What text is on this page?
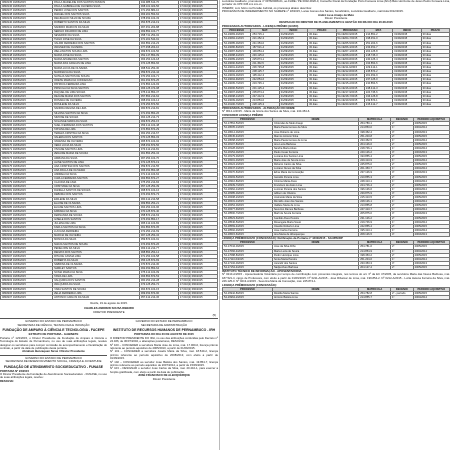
0848135 19/06/2015	PAULA MADELINE DOS SANTOS PASSOS	042.985.614-70	17.010(2) 060/2015
0848136 19/06/2015	PAULA GABRIELA DE OLIVEIRA SILVA	068.101.024-56	17.010(2) 060/2015
0848137 19/06/2015	PEDRO JOSE DOS SANTOS	071.254.884-10	17.010(2) 060/2015
0848138 19/06/2015	RAFAEL DOS SANTOS SILVA	063.201.554-62	17.010(2) 060/2015
0848139 19/06/2015	REGINALDO SILVA DE SOUZA	078.452.104-33	17.010(2) 060/2015
0848140 19/06/2015	ROBERTO SANTOS DA SILVA	054.875.214-19	17.010(2) 060/2015
0848141 19/06/2015	SANDRO MARCOS DA SILVA	067.451.204-88	17.010(2) 060/2015
0848142 19/06/2015	SERGIO RICARDO DE LIMA	069.852.104-77	17.010(2) 060/2015
0848143 19/06/2015	SEVERINO DA SILVA	058.741.254-02	17.010(2) 060/2015
0848144 19/06/2015	TIAGO JOSE DA SILVA	071.201.544-91	17.010(2) 060/2015
0848145 19/06/2015	VALDIR FERREIRA DOS SANTOS	064.852.214-23	17.010(2) 060/2015
0848146 19/06/2015	WAGNER DE OLIVEIRA	077.458.204-10	17.010(2) 060/2015
0848147 19/06/2015	WELLINGTON SOUZA LIMA	069.874.104-56	17.010(2) 060/2015
0848148 19/06/2015	MARIA JOSE DA SILVA	052.147.854-09	17.010(2) 060/2015
0848149 19/06/2015	MARIA APARECIDA SANTOS	063.254.124-18	17.010(2) 060/2015
0848150 19/06/2015	MARIA DAS GRACAS DE LIMA	074.125.854-66	17.010(2) 060/2015
0848151 19/06/2015	MARIA LUCIA DE OLIVEIRA	068.541.254-30	17.010(2) 060/2015
0848152 19/06/2015	MARINALVA DA SILVA	059.874.214-44	17.010(2) 060/2015
0848153 19/06/2015	NATALIA SANTOS DE SOUZA	070.254.104-71	17.010(2) 060/2015
0848154 19/06/2015	ODETE MARIA DA CONCEICAO	061.452.874-25	17.010(2) 060/2015
0848155 19/06/2015	PATRICIA FERREIRA LIMA	072.854.124-93	17.010(2) 060/2015
0848156 19/06/2015	PRISCILA DA SILVA SANTOS	066.125.474-08	17.010(2) 060/2015
0848157 19/06/2015	RAQUEL DE LIMA SOUZA	075.412.854-37	17.010(2) 060/2015
0848158 19/06/2015	REJANE MARIA DOS SANTOS	057.854.214-62	17.010(2) 060/2015
0848159 19/06/2015	ROSANA DE OLIVEIRA	068.452.104-14	17.010(2) 060/2015
0848160 19/06/2015	ROSILENE DA SILVA	073.254.874-50	17.010(2) 060/2015
0848161 19/06/2015	SANDRA REGINA DE LIMA	060.874.214-81	17.010(2) 060/2015
0848162 19/06/2015	SILVANA SANTOS DA SILVA	071.452.854-26	17.010(2) 060/2015
0848163 19/06/2015	SIMONE DE SOUZA	064.125.214-73	17.010(2) 060/2015
0848164 19/06/2015	SOLANGE MARIA DA SILVA	069.874.254-15	17.010(2) 060/2015
0848165 19/06/2015	SUELI FERREIRA DOS SANTOS	056.412.104-48	17.010(2) 060/2015
0848166 19/06/2015	TATIANA DE LIMA	074.854.874-29	17.010(2) 060/2015
0848167 19/06/2015	TEREZA CRISTINA DA SILVA	062.254.214-67	17.010(2) 060/2015
0848168 19/06/2015	VALERIA DOS SANTOS	070.125.854-03	17.010(2) 060/2015
0848169 19/06/2015	VANESSA DE OLIVEIRA	065.874.104-92	17.010(2) 060/2015
0848170 19/06/2015	VERA LUCIA DA SILVA	058.452.874-56	17.010(2) 060/2015
0848171 19/06/2015	VIVIANE SANTOS LIMA	073.412.214-81	17.010(2) 060/2015
0848172 19/06/2015	ZENAIDE MARIA DE SOUZA	061.854.254-34	17.010(2) 060/2015
0848173 19/06/2015	ADRIANA DA SILVA	067.254.104-70	17.010(2) 060/2015
0848174 19/06/2015	ALINE SANTOS DE LIMA	072.125.874-19	17.010(2) 060/2015
0848175 19/06/2015	ANA CRISTINA DOS SANTOS	059.874.214-55	17.010(2) 060/2015
0848176 19/06/2015	ANA PAULA DE OLIVEIRA	066.452.854-08	17.010(2) 060/2015
0848177 19/06/2015	ANDREA DA SILVA	071.412.104-62	17.010(2) 060/2015
0848178 19/06/2015	CARLA FERREIRA SANTOS	063.854.874-27	17.010(2) 060/2015
0848179 19/06/2015	CLAUDIA DE LIMA	075.254.214-84	17.010(2) 060/2015
0848180 19/06/2015	CRISTIANE DA SILVA	057.125.254-39	17.010(2) 060/2015
0848181 19/06/2015	DANIELA SANTOS DE SOUZA	068.874.104-16	17.010(2) 060/2015
0848182 19/06/2015	DEBORA DOS SANTOS	074.452.874-73	17.010(2) 060/2015
0848183 19/06/2015	EDILENE DA SILVA	060.412.214-58	17.010(2) 060/2015
0848184 19/06/2015	ELAINE DE OLIVEIRA	069.854.254-21	17.010(2) 060/2015
0848185 19/06/2015	ELIANE SANTOS LIMA	064.254.104-96	17.010(2) 060/2015
0848186 19/06/2015	FABIANA DA SILVA	070.125.874-40	17.010(2) 060/2015
0848187 19/06/2015	FERNANDA DE SOUZA	058.874.214-63	17.010(2) 060/2015
0848188 19/06/2015	GISELE DOS SANTOS	073.452.854-17	17.010(2) 060/2015
0848189 19/06/2015	JULIANA DE LIMA	065.412.104-82	17.010(2) 060/2015
0848190 19/06/2015	KARLA SANTOS DA SILVA	061.854.874-05	17.010(2) 060/2015
0848191 19/06/2015	LUCIANA FERREIRA	072.254.214-69	17.010(2) 060/2015
0848192 19/06/2015	MARCIA DE OLIVEIRA	067.125.254-34	17.010(2) 060/2015
0848193 19/06/2015	MONICA DA SILVA	059.874.104-91	17.010(2) 060/2015
0848194 19/06/2015	NADJA SANTOS DE SOUZA	074.452.874-26	17.010(2) 060/2015
0848195 19/06/2015	PENELOPE DA SILVA	063.412.214-77	17.010(2) 060/2015
0848196 19/06/2015	RENATA DOS SANTOS	068.854.254-12	17.010(2) 060/2015
0848197 19/06/2015	RITA DE CASSIA LIMA	071.254.104-58	17.010(2) 060/2015
0848198 19/06/2015	ROBERTA DA SILVA	056.125.874-83	17.010(2) 060/2015
0848199 19/06/2015	SABRINA DE OLIVEIRA	070.874.214-30	17.010(2) 060/2015
0848200 19/06/2015	SHIRLEY SANTOS	062.452.854-64	17.010(2) 060/2015
0848201 19/06/2015	SONIA MARIA DA SILVA	075.412.104-09	17.010(2) 060/2015
0848202 19/06/2015	TANIA DE LIMA	066.854.874-53	17.010(2) 060/2015
0848203 19/06/2015	VALQUIRIA DOS SANTOS	060.254.214-28	17.010(2) 060/2015
0848204 19/06/2015	WALQUIRIA DA SILVA	073.125.254-72	17.010(2) 060/2015
0848205 19/06/2015	YARA SANTOS DE SOUZA	064.874.104-15	17.010(2) 060/2015
0848206 19/06/2015	ZELIA FERREIRA LIMA	069.452.874-90	17.010(2) 060/2015
0848207 19/06/2015	ANTONIO CARLOS DA SILVA	057.412.214-36	17.010(2) 060/2015

Recife, 19 de agosto de 2015.

CHARLES ANDREW SOUSA RIBEIRO

DIRETOR PRESIDENTE

(5)

GOVERNO DO ESTADO DE PERNAMBUCO

SECRETARIA DE CIÊNCIA, TECNOLOGIA E INOVAÇÃO

FUNDAÇÃO DE AMPARO À CIÊNCIA E TECNOLOGIA - FACEPE

EXTRATO DE PORTARIA - GABINETE

Portaria nº 123/2015, o Diretor Presidente da Fundação de Amparo à Ciência e Tecnologia do Estado de Pernambuco, no uso de suas atribuições legais, resolve designar os servidores para compor comissão de acompanhamento e fiscalização do contrato, a partir da data de publicação desta portaria.

Abraham Benzaquen Sicsú / Diretor Presidente

GOVERNO DO ESTADO DE PERNAMBUCO

SECRETARIA DE DESENVOLVIMENTO SOCIAL, CRIANÇA E JUVENTUDE

FUNDAÇÃO DE ATENDIMENTO SOCIOEDUCATIVO - FUNASE

PORTARIA Nº 22/2015

O Diretor Presidente da Fundação de Atendimento Socioeducativo - FUNASE, no uso de suas atribuições legais, resolve:

RESOLVE:

GOVERNO DO ESTADO DE PERNAMBUCO

SECRETARIA DE ADMINISTRAÇÃO

INSTITUTO DE RECURSOS HUMANOS DE PERNAMBUCO - IRH

PORTARIAS DO DIA 20 DE AGOSTO DE 2015

O DIRETOR PRESIDENTE DO IRH, no uso das atribuições conferidas pelo Decreto nº 24.466, de 30/07/2002, e alterações posteriores, RESOLVE:

Nº 100 – CONCEDER a servidora Maria Jose de Lima, mat. 17.000-0, licença prêmio referente ao período aquisitivo de 2005/2010, a partir de 01/09/2015.

Nº 101 – CONCEDER a servidora Josefa Maria da Silva, mat. 18.540-2, licença prêmio referente ao período aquisitivo de 2008/2013, com efeito a partir de 01/09/2015.

Nº 102 – CONCEDER ao servidor Joao Batista dos Santos, mat. 19.854-7, licença prêmio referente ao período aquisitivo de 2007/2012, a partir de 15/09/2015.

Nº 103 – DESIGNAR o servidor José Carlos da Silva, mat. 20.410-1, para exercer a função gratificada, com efeito a partir da data de publicação.

JOSÉ FRANCISCO DE ALBUQUERQUE

Diretor Presidente

Lucivânia Gualberto, promotora nº 0978/2008-01, ao FHRE / PE 0002-0020-0, Conselho Fiscal da Fundação Porto Fonseca Lima (Afrof) Belo Horizonte de Jesus Pedro Fonseca Lima, portador do CPF 045.xxx.xxx-xx.

INSERIR, com fulcro na Pensão Judicial, os processos abaixo descritos:

PROCESSOS DE INDEFERIMENTO NO SAMEPE nº 18/2015, Lucas Gomes dos Santos, beneficiário, Lucivânia Gualberto, matrícula 0012/2015.

André Lusa Araújo de Melo

Diretor Presidente

DESPACHO DO DIRETOR DE PLANEJAMENTO E GESTÃO DO IRH DO DIA 20.08.2015

PROCESSOS AUTORIZADOS - LICENÇA PRÊMIO (GOZO)

PROCESSO	MAT.	INÍCIO	PRAZO	PROCESSO	MAT.	INÍCIO	PRAZO
54-19083-3/2015	254.715-1	01/09/2015	30 dias	54-19203-9/2015	214.851-2	01/09/2015	30 dias
54-19084-1/2015	221.452-3	01/09/2015	30 dias	54-19204-7/2015	198.451-0	01/09/2015	30 dias
54-19085-0/2015	241.354-0	01/09/2015	30 dias	54-19205-5/2015	251.204-6	01/09/2015	30 dias
54-19086-8/2015	187.521-4	01/09/2015	30 dias	54-19206-3/2015	233.451-7	01/09/2015	30 dias
54-19087-6/2015	199.854-2	01/09/2015	30 dias	54-19207-1/2015	204.125-8	01/09/2015	30 dias
54-19088-4/2015	246.125-0	01/09/2015	30 dias	54-19208-0/2015	218.745-3	01/09/2015	30 dias
54-19089-2/2015	225.874-1	01/09/2015	30 dias	54-19209-8/2015	240.125-4	01/09/2015	30 dias
54-19090-6/2015	211.452-5	01/09/2015	30 dias	54-19210-1/2015	193.854-6	01/09/2015	30 dias
54-19091-4/2015	236.745-8	01/09/2015	30 dias	54-19211-0/2015	229.412-1	01/09/2015	30 dias
54-19092-2/2015	208.125-7	01/09/2015	30 dias	54-19212-8/2015	245.874-2	01/09/2015	30 dias
54-19093-0/2015	195.412-3	01/09/2015	30 dias	54-19213-6/2015	201.452-9	01/09/2015	30 dias
54-19094-9/2015	242.854-6	01/09/2015	30 dias	54-19214-4/2015	237.125-0	01/09/2015	30 dias
54-19095-7/2015	219.745-1	01/09/2015	30 dias	54-19215-2/2015	210.854-5	01/09/2015	30 dias
54-19096-5/2015	231.125-4	01/09/2015	30 dias	54-19216-0/2015	248.412-3	01/09/2015	30 dias
54-19097-3/2015	205.874-2	01/09/2015	30 dias	54-19217-9/2015	224.745-6	01/09/2015	30 dias
54-19098-1/2015	247.412-9	01/09/2015	30 dias	54-19218-7/2015	196.125-8	01/09/2015	30 dias
54-19099-0/2015	213.854-0	01/09/2015	30 dias	54-19219-5/2015	239.874-1	01/09/2015	30 dias
54-19100-7/2015	228.125-3	01/09/2015	30 dias	54-19220-9/2015	215.412-7	01/09/2015	30 dias

PROCESSOS AUTORIZADOS - ALTERAÇÃO DO NOME

Nº 0014-A/2015 - Maria da Gloria dos Santos da Silva, mat. 244.454-6.

CONCEDER LICENÇA PRÊMIO

PROCESSO	NOME	MATRÍCULA	DECÊNIO	PERÍODO AQUISITIVO
54-17864-5/2015	Cristovão de Melo Araujo	254.780-1	2º	2005/2015
54-18005-1/2015	Maria Paula Gomes da Silva	214.853-0	1º	2004/2014
54-18014-0/2015	Jose Roberto de Lima	198.452-4	3º	2003/2013
54-18045-4/2015	Marcos Antonio Silva	251.203-8	2º	2005/2015
54-18068-3/2015	Maria Paula Gomes de Lima	233.452-5	1º	2004/2014
54-18107-8/2015	Ana Lucia Barbosa	204.126-6	2º	2005/2015
54-18128-0/2015	Sandra Maria Alves	218.746-1	1º	2004/2014
54-18154-0/2015	Paulo Cesar Ferreira	240.126-2	3º	2003/2013
54-18179-0/2015	Luciana dos Santos Lima	193.855-4	2º	2005/2015
54-18201-3/2015	Maria Jose de Souza Lima	229.413-9	1º	2004/2014
54-18224-2/2015	Roberto Carlos da Silva	245.875-0	2º	2005/2015
54-18247-1/2015	Luciano Nunes da Silva	201.453-7	1º	2004/2014
54-18270-6/2015	Edna Maria da Conceição	237.126-9	3º	2003/2013
54-18293-5/2015	Geraldo Pereira Lima	210.855-3	2º	2005/2015
54-18316-8/2015	Cristina Maria Alves	248.413-1	1º	2004/2014
54-18339-7/2015	Francisco de Assis Lima	224.746-4	2º	2005/2015
54-18362-1/2015	Lucimar Pereira dos Santos	196.126-6	1º	2004/2014
54-18385-0/2015	Adilson de Oliveira	239.875-9	3º	2003/2013
54-18408-2/2015	Josineide Maria da Silva	215.413-5	2º	2005/2015
54-18431-1/2015	Romildo José dos Santos	228.126-1	1º	2004/2014
54-18454-0/2015	Valdete Maria de Lima	213.855-8	2º	2005/2015
54-18477-9/2015	Severino Ramos Barbosa	247.413-7	1º	2004/2014
54-18500-7/2015	Marli de Souza Ferreira	205.875-0	3º	2003/2013
54-18523-6/2015	Ivanildo Alves Pereira	231.126-2	2º	2005/2015
54-18546-5/2015	Rosangela Maria Souto	219.746-9	1º	2004/2014
54-18569-4/2015	Claudio Roberto Lima	242.855-4	2º	2005/2015
54-18592-3/2015	Jose Carlos Ferreira	195.413-1	1º	2004/2014
54-18615-6/2015	Ana Maria de Albuquerque	208.126-5	3º	2003/2013

LICENÇA PRÊMIO/GOZO (CONCESSÃO): Retificação da Portaria nº 4400/2015 - SAU/PE/DP

PROCESSO	NOME	MATRÍCULA	DECÊNIO	PERÍODO AQUISITIVO
54-17044-0/2015	Jose da Silva Filho	254.781-0	2º	2005/2015
54-17066-4/2015	Marta Lucia de Souza	214.854-9	1º	2004/2014
54-17088-8/2015	Pedro Henrique Lima	198.453-2	2º	2005/2015
54-17110-6/2015	Sonia Maria Pereira	251.204-6	1º	2004/2014
54-17132-0/2015	Jurandir dos Santos	233.453-3	3º	2003/2013
54-17154-4/2015	Nadja Alves Barbosa	204.127-4	2º	2005/2015

INSTITUTO TÉCNICO DE INFORMAÇÃO - APOSENTADORIA

Nº 0210-A/2015 - Aposentadoria Voluntária por tempo de contribuição com proventos integrais, nos termos do art. 3º da EC 47/2005, da servidora Maria das Neves Barbosa, mat. 187.521-4, cargo de Professora, com efeito a partir de 01/09/2015. Nº 0211-A/2015 - José Ribamar de Lima, mat. 199.854-2. Nº 0212-A/2015 - Luzia Helena Ferreira da Silva, mat. 246.125-0. Nº 0213-A/2015 - Severina Maria da Conceição, mat. 225.874-1.

LICENÇA PRÊMIO/GOZO (CONCESSÃO):

PROCESSO	NOME	MATRÍCULA	DECÊNIO	PERÍODO AQUISITIVO
54-16942-8/2015	Rosilda Maria Santos	254.782-8	2º - período	2005/2015
54-16964-2/2015	Antonio Batista Lima	214.855-7	1º	2004/2014
